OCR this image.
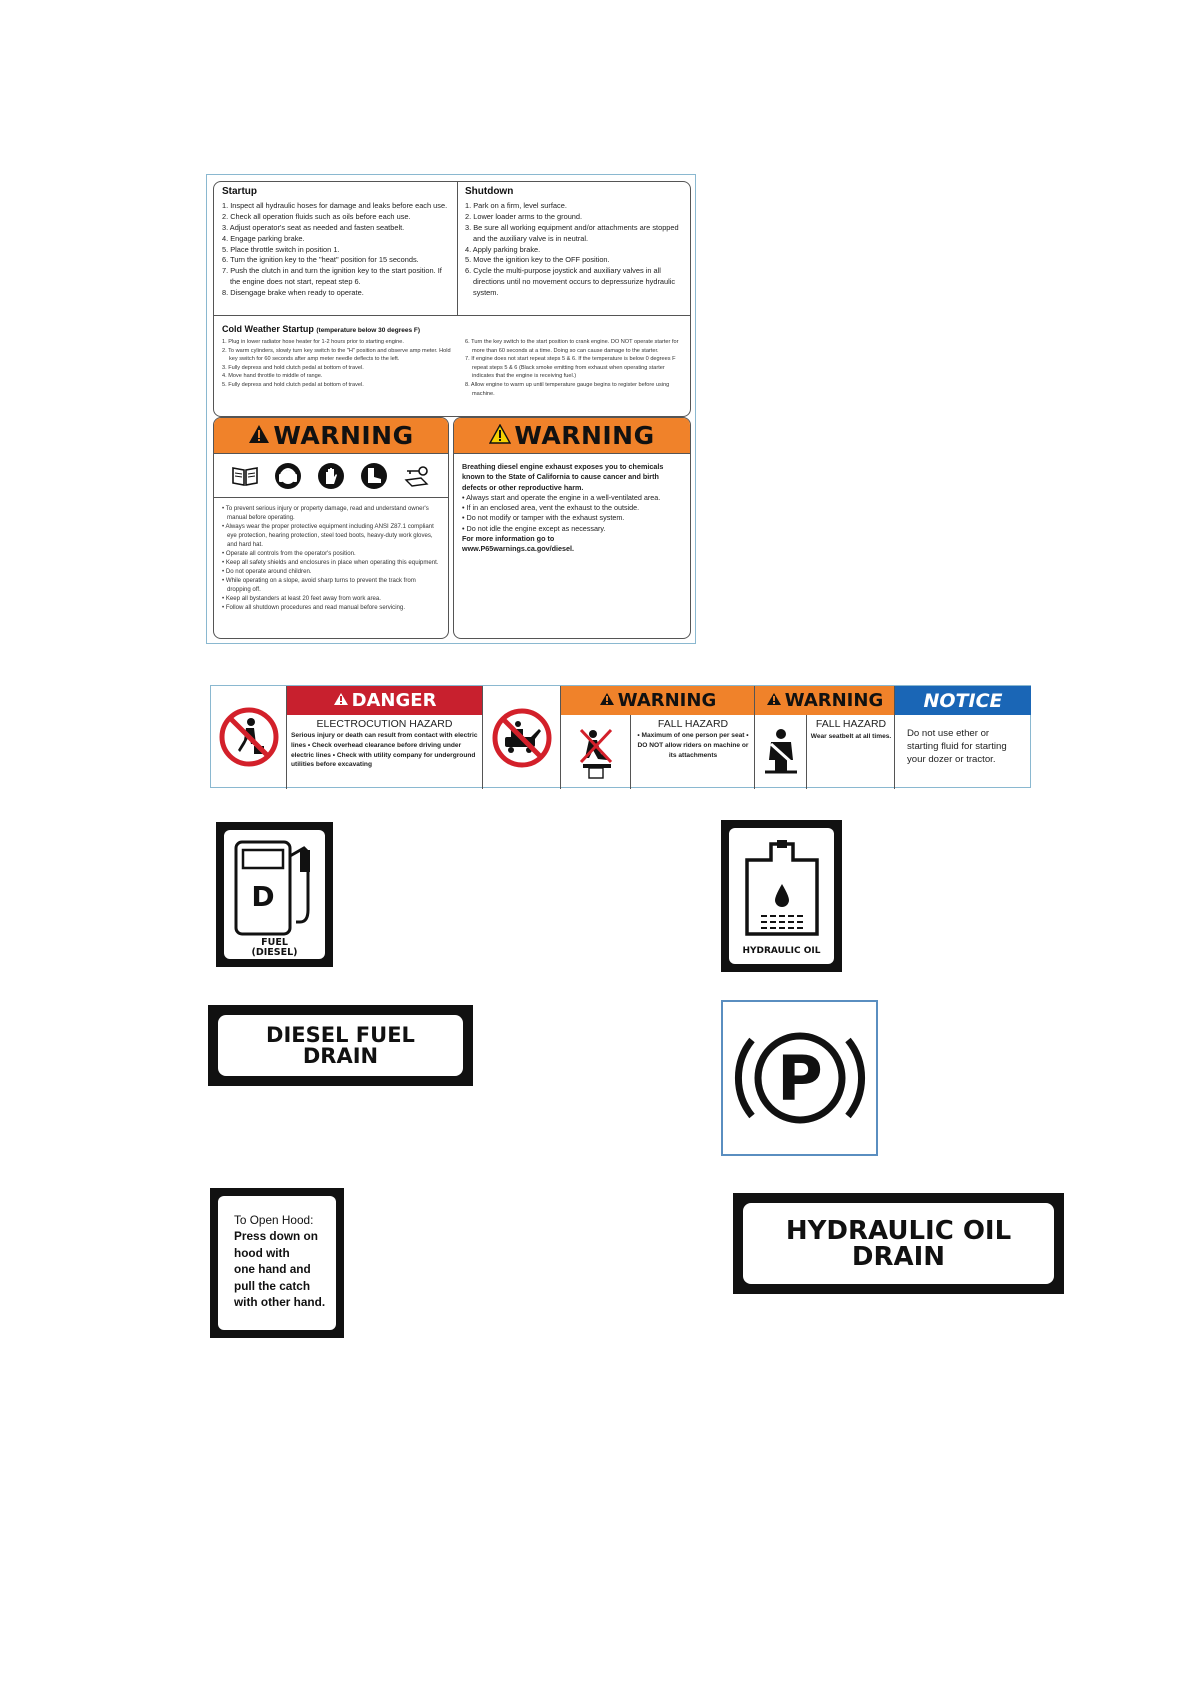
Startup
1. Inspect all hydraulic hoses for damage and leaks before each use.
2. Check all operation fluids such as oils before each use.
3. Adjust operator's seat as needed and fasten seatbelt.
4. Engage parking brake.
5. Place throttle switch in position 1.
6. Turn the ignition key to the "heat" position for 15 seconds.
7. Push the clutch in and turn the ignition key to the start position. If the engine does not start, repeat step 6.
8. Disengage brake when ready to operate.
Shutdown
1. Park on a firm, level surface.
2. Lower loader arms to the ground.
3. Be sure all working equipment and/or attachments are stopped and the auxiliary valve is in neutral.
4. Apply parking brake.
5. Move the ignition key to the OFF position.
6. Cycle the multi-purpose joystick and auxiliary valves in all directions until no movement occurs to depressurize hydraulic system.
Cold Weather Startup (temperature below 30 degrees F)
1. Plug in lower radiator hose heater for 1-2 hours prior to starting engine.
2. To warm cylinders, slowly turn key switch to the "H" position and observe amp meter. Hold key switch for 60 seconds after amp meter needle deflects to the left.
3. Fully depress and hold clutch pedal at bottom of travel.
4. Move hand throttle to middle of range.
5. Fully depress and hold clutch pedal at bottom of travel.
6. Turn the key switch to the start position to crank engine. DO NOT operate starter for more than 60 seconds at a time. Doing so can cause damage to the starter.
7. If engine does not start repeat steps 5 & 6. If the temperature is below 0 degrees F repeat steps 5 & 6 (Black smoke emitting from exhaust when operating starter indicates that the engine is receiving fuel.)
8. Allow engine to warm up until temperature gauge begins to register before using machine.
WARNING
• To prevent serious injury or property damage, read and understand owner's manual before operating.
• Always wear the proper protective equipment including ANSI Z87.1 compliant eye protection, hearing protection, steel toed boots, heavy-duty work gloves, and hard hat.
• Operate all controls from the operator's position.
• Keep all safety shields and enclosures in place when operating this equipment.
• Do not operate around children.
• While operating on a slope, avoid sharp turns to prevent the track from dropping off.
• Keep all bystanders at least 20 feet away from work area.
• Follow all shutdown procedures and read manual before servicing.
WARNING

Breathing diesel engine exhaust exposes you to chemicals known to the State of California to cause cancer and birth defects or other reproductive harm.

• Always start and operate the engine in a well-ventilated area.
• If in an enclosed area, vent the exhaust to the outside.
• Do not modify or tamper with the exhaust system.
• Do not idle the engine except as necessary.

For more information go to

www.P65warnings.ca.gov/diesel.

DANGER
ELECTROCUTION HAZARD
Serious injury or death can result from contact with electric lines • Check overhead clearance before driving under electric lines • Check with utility company for underground utilities before excavating
WARNING
FALL HAZARD
• Maximum of one person per seat • DO NOT allow riders on machine or its attachments
WARNING
FALL HAZARD
Wear seatbelt at all times.
NOTICE
Do not use ether or starting fluid for starting your dozer or tractor.
D
FUEL
(DIESEL)	HYDRAULIC OIL
DIESEL FUEL
DRAIN	P
To Open Hood:
Press down on
hood with
one hand and
pull the catch
with other hand.
HYDRAULIC OIL
DRAIN
